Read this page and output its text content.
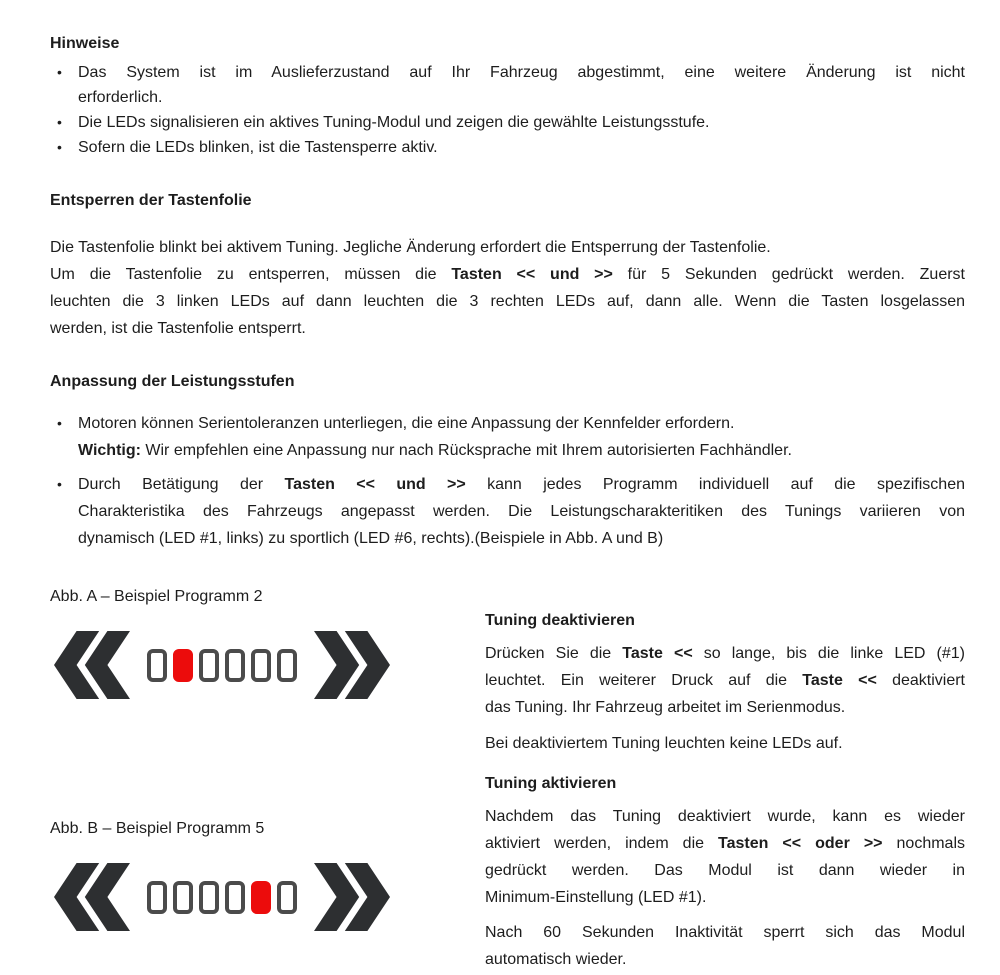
Hinweise
• Das System ist im Auslieferzustand auf Ihr Fahrzeug abgestimmt, eine weitere Änderung ist nicht
erforderlich.
• Die LEDs signalisieren ein aktives Tuning-Modul und zeigen die gewählte Leistungsstufe.
• Sofern die LEDs blinken, ist die Tastensperre aktiv.
Entsperren der Tastenfolie

Die Tastenfolie blinkt bei aktivem Tuning. Jegliche Änderung erfordert die Entsperrung der Tastenfolie.

Um die Tastenfolie zu entsperren, müssen die Tasten << und >> für 5 Sekunden gedrückt werden. Zuerst
leuchten die 3 linken LEDs auf dann leuchten die 3 rechten LEDs auf, dann alle. Wenn die Tasten losgelassen
werden, ist die Tastenfolie entsperrt.
Anpassung der Leistungsstufen
• Motoren können Serientoleranzen unterliegen, die eine Anpassung der Kennfelder erfordern.
Wichtig: Wir empfehlen eine Anpassung nur nach Rücksprache mit Ihrem autorisierten Fachhändler.
• Durch Betätigung der Tasten << und >> kann jedes Programm individuell auf die spezifischen
Charakteristika des Fahrzeugs angepasst werden. Die Leistungscharakteritiken des Tunings variieren von
dynamisch (LED #1, links) zu sportlich (LED #6, rechts).(Beispiele in Abb. A und B)
Abb. A – Beispiel Programm 2
Abb. B – Beispiel Programm 5
Tuning deaktivieren
Drücken Sie die Taste << so lange, bis die linke LED (#1)
leuchtet. Ein weiterer Druck auf die Taste << deaktiviert
das Tuning. Ihr Fahrzeug arbeitet im Serienmodus.

Bei deaktiviertem Tuning leuchten keine LEDs auf.

Tuning aktivieren
Nachdem das Tuning deaktiviert wurde, kann es wieder
aktiviert werden, indem die Tasten << oder >> nochmals
gedrückt werden. Das Modul ist dann wieder in
Minimum-Einstellung (LED #1).
Nach 60 Sekunden Inaktivität sperrt sich das Modul
automatisch wieder.
